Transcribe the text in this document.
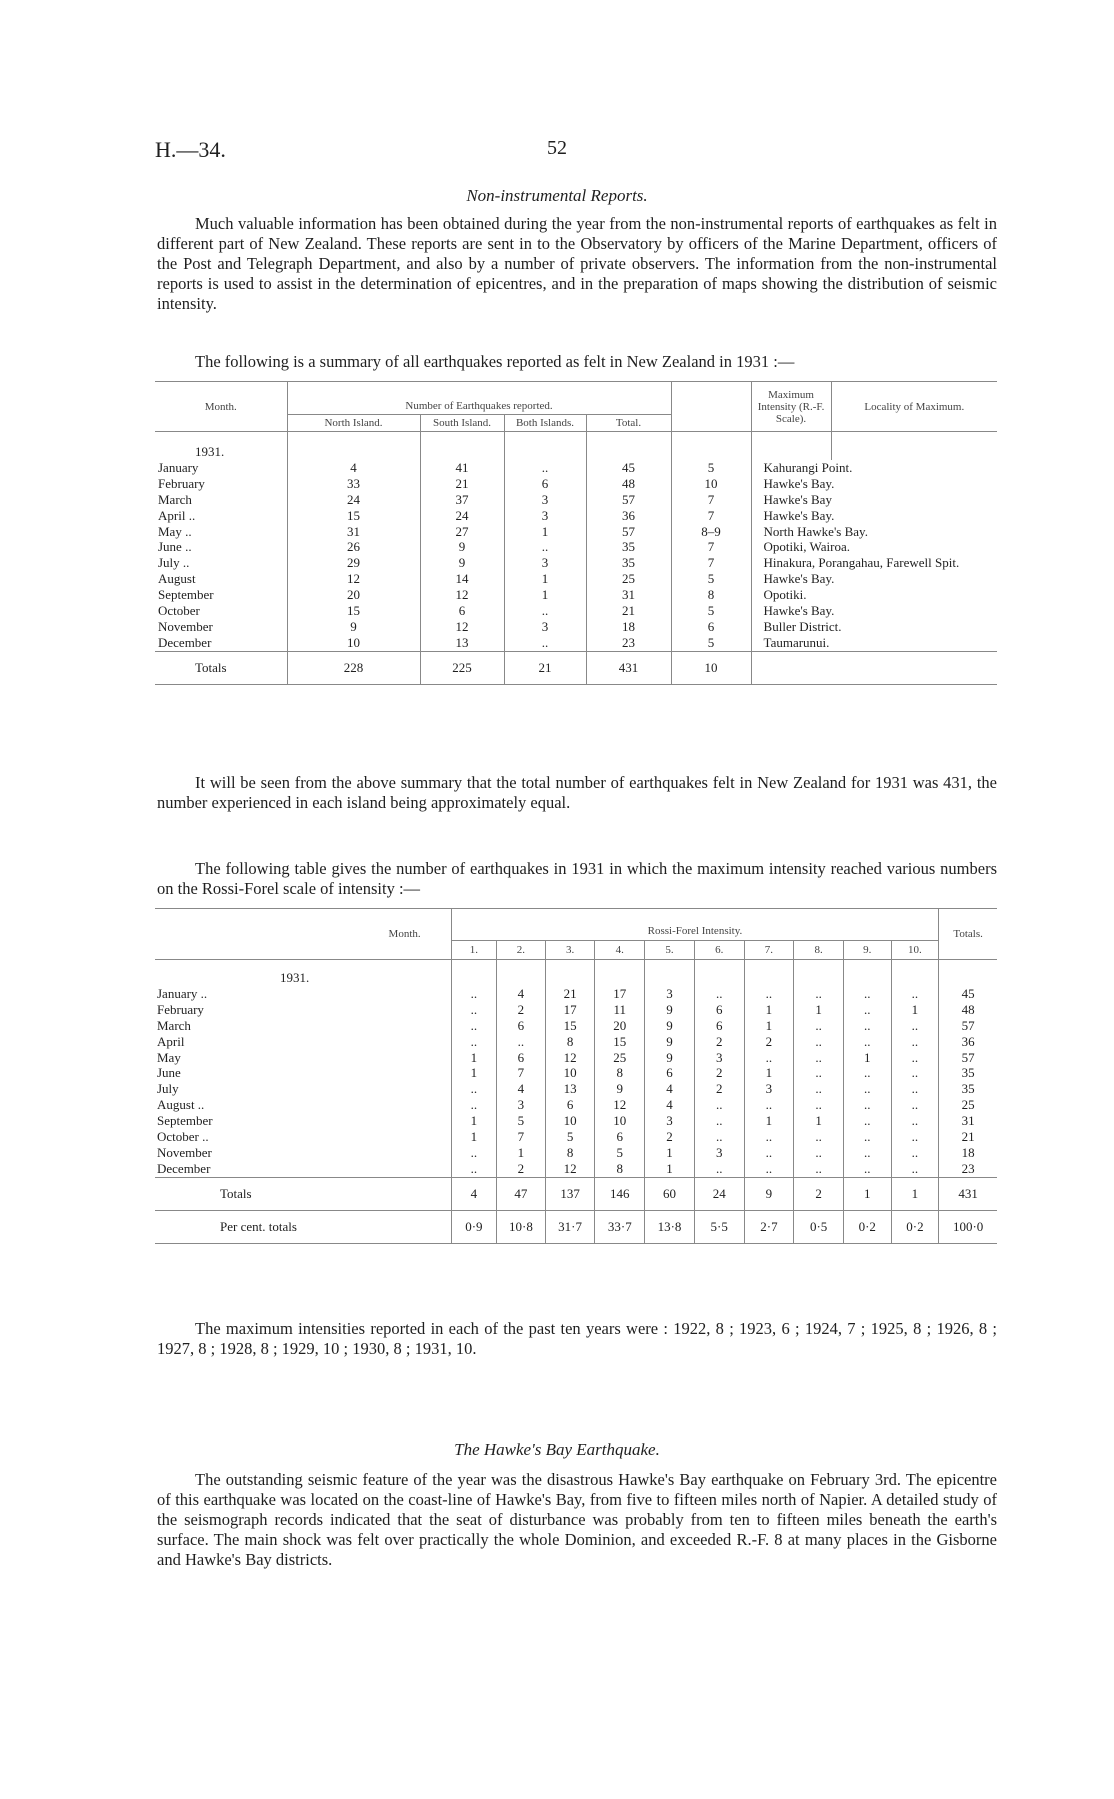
H.—34.	52
Non-instrumental Reports.

Much valuable information has been obtained during the year from the non-instrumental reports of earthquakes as felt in different part of New Zealand. These reports are sent in to the Observatory by officers of the Marine Department, officers of the Post and Telegraph Department, and also by a number of private observers. The information from the non-instrumental reports is used to assist in the determination of epicentres, and in the preparation of maps showing the distribution of seismic intensity.

The following is a summary of all earthquakes reported as felt in New Zealand in 1931 :—

Month.	Number of Earthquakes reported.					Maximum Intensity (R.-F. Scale).	Locality of Maximum.
	North Island.	South Island.	Both Islands.	Total.			
1931.							
January	4	41	..	45	5	Kahurangi Point.	
February	33	21	6	48	10	Hawke's Bay.	
March	24	37	3	57	7	Hawke's Bay	
April ..	15	24	3	36	7	Hawke's Bay.	
May ..	31	27	1	57	8–9	North Hawke's Bay.	
June ..	26	9	..	35	7	Opotiki, Wairoa.	
July ..	29	9	3	35	7	Hinakura, Porangahau, Farewell Spit.	
August	12	14	1	25	5	Hawke's Bay.	
September	20	12	1	31	8	Opotiki.	
October	15	6	..	21	5	Hawke's Bay.	
November	9	12	3	18	6	Buller District.	
December	10	13	..	23	5	Taumarunui.	
Totals	228	225	21	431	10		

It will be seen from the above summary that the total number of earthquakes felt in New Zealand for 1931 was 431, the number experienced in each island being approximately equal.

The following table gives the number of earthquakes in 1931 in which the maximum intensity reached various numbers on the Rossi-Forel scale of intensity :—

Month.	Rossi-Forel Intensity.										Totals.
	1.	2.	3.	4.	5.	6.	7.	8.	9.	10.	
1931.											
January ..	..	4	21	17	3	..	..	..	..	..	45
February	..	2	17	11	9	6	1	1	..	1	48
March	..	6	15	20	9	6	1	..	..	..	57
April	..	..	8	15	9	2	2	..	..	..	36
May	1	6	12	25	9	3	..	..	1	..	57
June	1	7	10	8	6	2	1	..	..	..	35
July	..	4	13	9	4	2	3	..	..	..	35
August ..	..	3	6	12	4	..	..	..	..	..	25
September	1	5	10	10	3	..	1	1	..	..	31
October ..	1	7	5	6	2	..	..	..	..	..	21
November	..	1	8	5	1	3	..	..	..	..	18
December	..	2	12	8	1	..	..	..	..	..	23
Totals	4	47	137	146	60	24	9	2	1	1	431
Per cent. totals	0·9	10·8	31·7	33·7	13·8	5·5	2·7	0·5	0·2	0·2	100·0

The maximum intensities reported in each of the past ten years were : 1922, 8 ; 1923, 6 ; 1924, 7 ; 1925, 8 ; 1926, 8 ; 1927, 8 ; 1928, 8 ; 1929, 10 ; 1930, 8 ; 1931, 10.

The Hawke's Bay Earthquake.

The outstanding seismic feature of the year was the disastrous Hawke's Bay earthquake on February 3rd. The epicentre of this earthquake was located on the coast-line of Hawke's Bay, from five to fifteen miles north of Napier. A detailed study of the seismograph records indicated that the seat of disturbance was probably from ten to fifteen miles beneath the earth's surface. The main shock was felt over practically the whole Dominion, and exceeded R.-F. 8 at many places in the Gisborne and Hawke's Bay districts.
